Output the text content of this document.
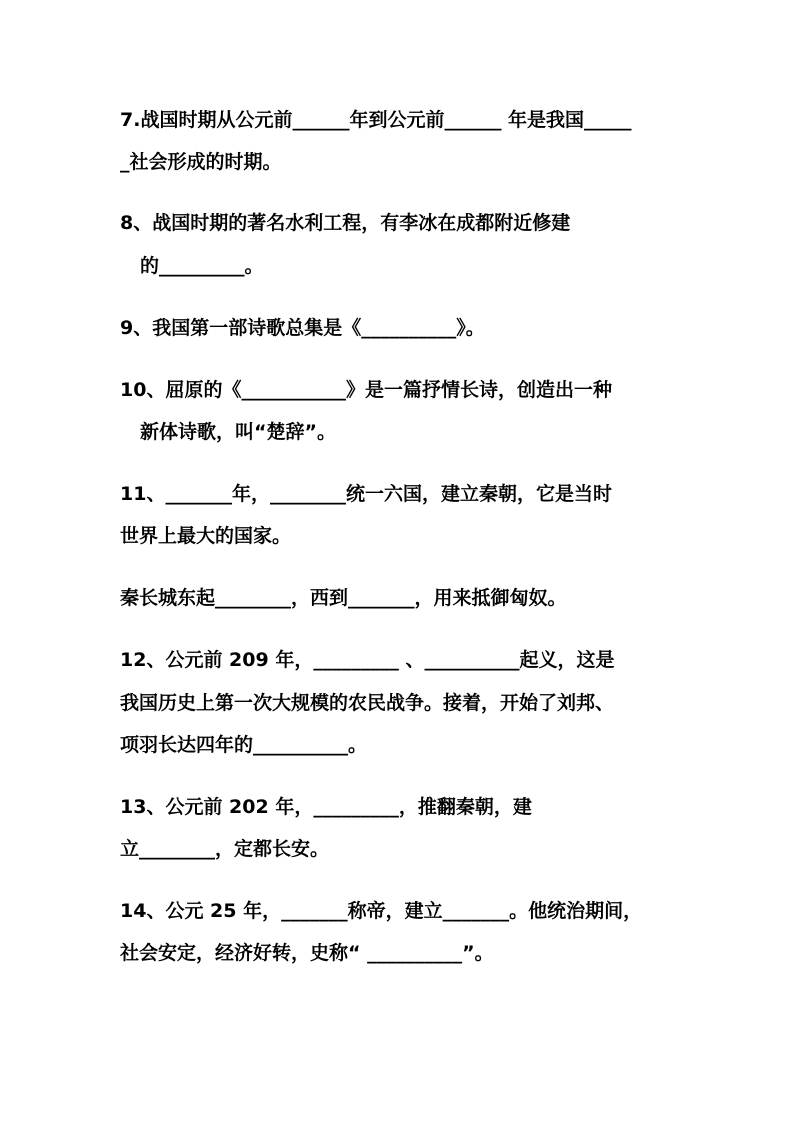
7.战国时期从公元前______年到公元前______ 年是我国_____
_社会形成的时期。
8、战国时期的著名水利工程，有李冰在成都附近修建
的_________。
9、我国第一部诗歌总集是《__________》。
10、屈原的《___________》是一篇抒情长诗，创造出一种
新体诗歌，叫“楚辞”。
11、_______年，________统一六国，建立秦朝，它是当时
世界上最大的国家。
秦长城东起________，西到_______，用来抵御匈奴。
12、公元前 209 年，_________ 、__________起义，这是
我国历史上第一次大规模的农民战争。接着，开始了刘邦、
项羽长达四年的__________。
13、公元前 202 年，_________，推翻秦朝，建
立________，定都长安。
14、公元 25 年，_______称帝，建立_______。他统治期间，
社会安定，经济好转，史称“ __________”。
